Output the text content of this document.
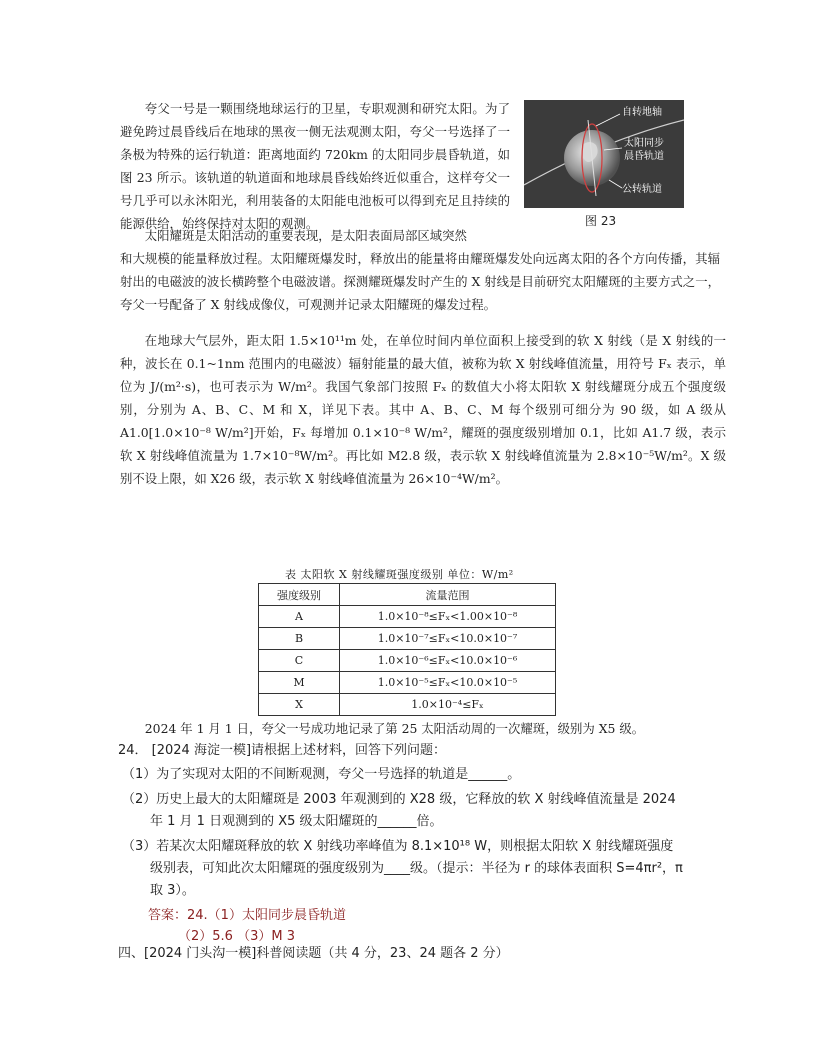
夸父一号是一颗围绕地球运行的卫星，专职观测和研究太阳。为了避免跨过晨昏线后在地球的黑夜一侧无法观测太阳，夸父一号选择了一条极为特殊的运行轨道：距离地面约 720km 的太阳同步晨昏轨道，如图 23 所示。该轨道的轨道面和地球晨昏线始终近似重合，这样夸父一号几乎可以永沐阳光，利用装备的太阳能电池板可以得到充足且持续的能源供给，始终保持对太阳的观测。

自转地轴
太阳同步
晨昏轨道
公转轨道
图 23

太阳耀斑是太阳活动的重要表现，是太阳表面局部区域突然

和大规模的能量释放过程。太阳耀斑爆发时，释放出的能量将由耀斑爆发处向远离太阳的各个方向传播，其辐射出的电磁波的波长横跨整个电磁波谱。探测耀斑爆发时产生的 X 射线是目前研究太阳耀斑的主要方式之一，夸父一号配备了 X 射线成像仪，可观测并记录太阳耀斑的爆发过程。

在地球大气层外，距太阳 1.5×10¹¹m 处，在单位时间内单位面积上接受到的软 X 射线（是 X 射线的一种，波长在 0.1~1nm 范围内的电磁波）辐射能量的最大值，被称为软 X 射线峰值流量，用符号 Fₓ 表示，单位为 J/(m²·s)，也可表示为 W/m²。我国气象部门按照 Fₓ 的数值大小将太阳软 X 射线耀斑分成五个强度级别，分别为 A、B、C、M 和 X，详见下表。其中 A、B、C、M 每个级别可细分为 90 级，如 A 级从 A1.0[1.0×10⁻⁸ W/m²]开始，Fₓ 每增加 0.1×10⁻⁸ W/m²，耀斑的强度级别增加 0.1，比如 A1.7 级，表示软 X 射线峰值流量为 1.7×10⁻⁸W/m²。再比如 M2.8 级，表示软 X 射线峰值流量为 2.8×10⁻⁵W/m²。X 级别不设上限，如 X26 级，表示软 X 射线峰值流量为 26×10⁻⁴W/m²。

表 太阳软 X 射线耀斑强度级别 单位：W/m²
强度级别	流量范围
A	1.0×10⁻⁸≤Fₓ<1.00×10⁻⁸
B	1.0×10⁻⁷≤Fₓ<10.0×10⁻⁷
C	1.0×10⁻⁶≤Fₓ<10.0×10⁻⁶
M	1.0×10⁻⁵≤Fₓ<10.0×10⁻⁵
X	1.0×10⁻⁴≤Fₓ

2024 年 1 月 1 日，夸父一号成功地记录了第 25 太阳活动周的一次耀斑，级别为 X5 级。

24． [2024 海淀一模]请根据上述材料，回答下列问题：

（1）为了实现对太阳的不间断观测，夸父一号选择的轨道是______。

（2）历史上最大的太阳耀斑是 2003 年观测到的 X28 级，它释放的软 X 射线峰值流量是 2024

年 1 月 1 日观测到的 X5 级太阳耀斑的______倍。

（3）若某次太阳耀斑释放的软 X 射线功率峰值为 8.1×10¹⁸ W，则根据太阳软 X 射线耀斑强度

级别表，可知此次太阳耀斑的强度级别为____级。（提示：半径为 r 的球体表面积 S=4πr²，π

取 3）。

答案：24.（1）太阳同步晨昏轨道
（2）5.6 （3）M 3
四、[2024 门头沟一模]科普阅读题（共 4 分，23、24 题各 2 分）
